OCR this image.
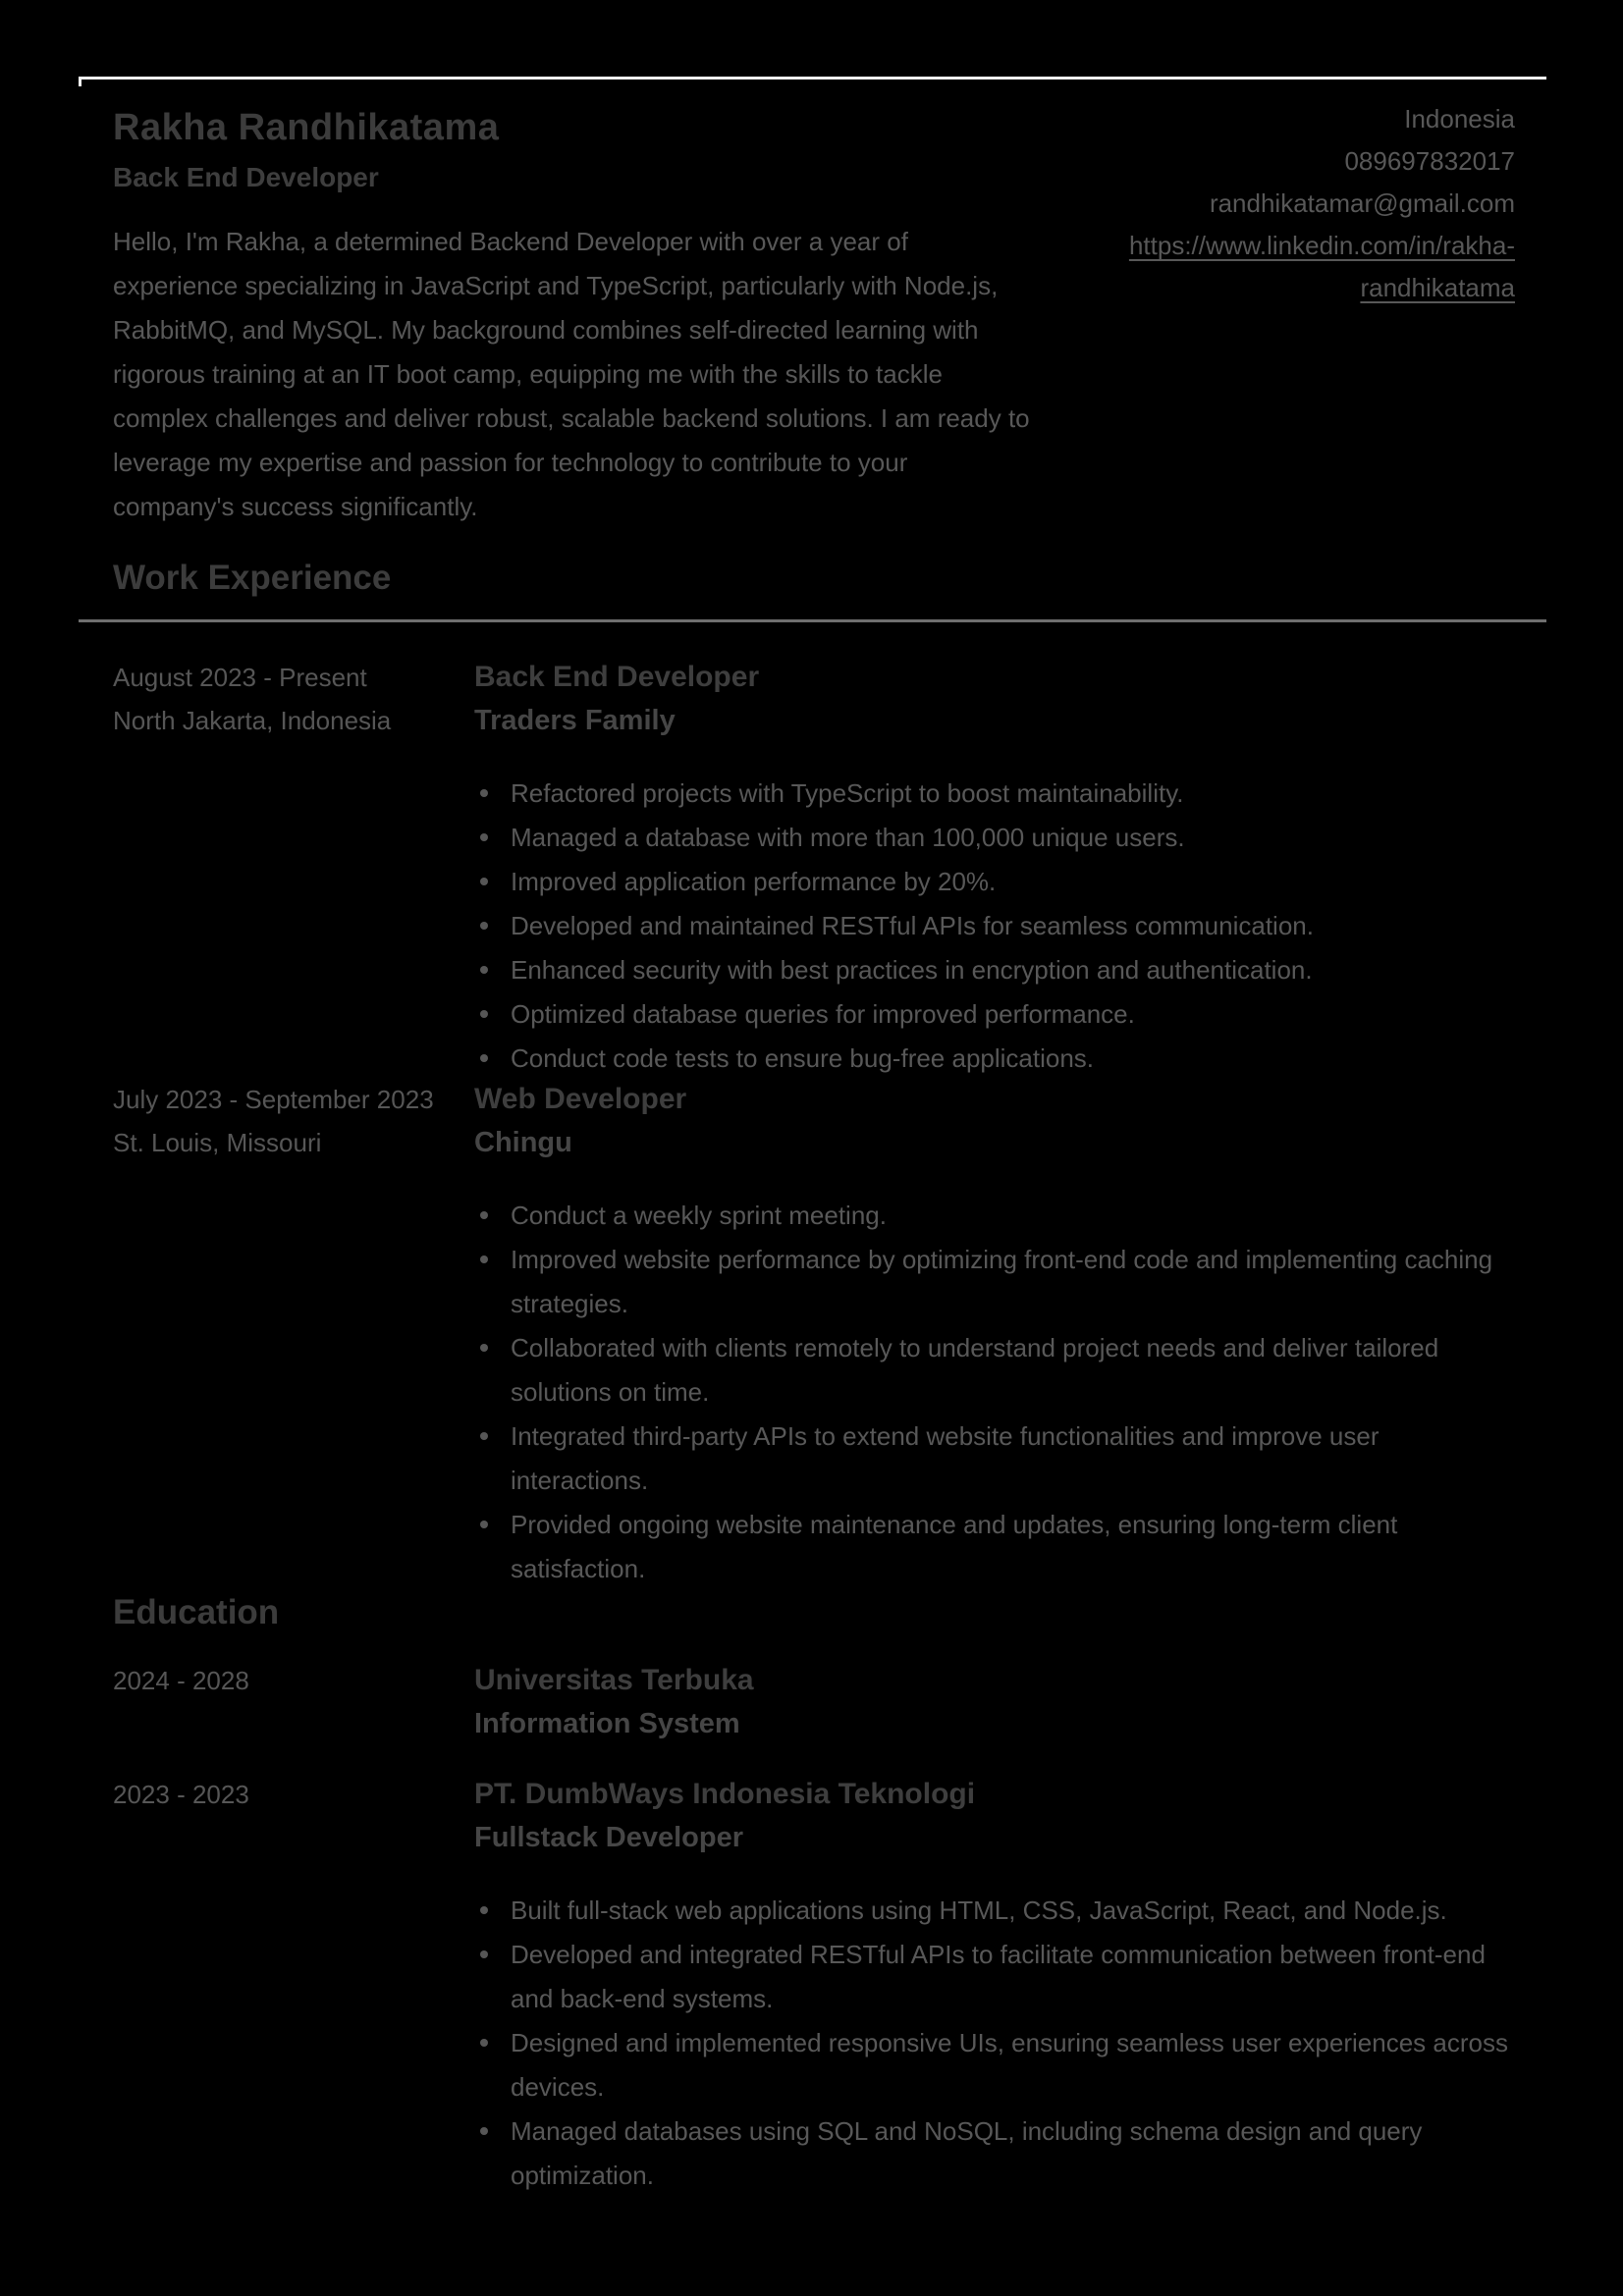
Rakha Randhikatama
Back End Developer
Hello, I'm Rakha, a determined Backend Developer with over a year of
experience specializing in JavaScript and TypeScript, particularly with Node.js,
RabbitMQ, and MySQL. My background combines self-directed learning with
rigorous training at an IT boot camp, equipping me with the skills to tackle
complex challenges and deliver robust, scalable backend solutions. I am ready to
leverage my expertise and passion for technology to contribute to your
company's success significantly.
Indonesia
089697832017
randhikatamar@gmail.com
https://www.linkedin.com/in/rakha-
randhikatama
Work Experience
August 2023 - Present
North Jakarta, Indonesia
Back End Developer
Traders Family
Refactored projects with TypeScript to boost maintainability.
Managed a database with more than 100,000 unique users.
Improved application performance by 20%.
Developed and maintained RESTful APIs for seamless communication.
Enhanced security with best practices in encryption and authentication.
Optimized database queries for improved performance.
Conduct code tests to ensure bug-free applications.
July 2023 - September 2023
St. Louis, Missouri
Web Developer
Chingu
Conduct a weekly sprint meeting.
Improved website performance by optimizing front-end code and implementing caching strategies.
Collaborated with clients remotely to understand project needs and deliver tailored solutions on time.
Integrated third-party APIs to extend website functionalities and improve user interactions.
Provided ongoing website maintenance and updates, ensuring long-term client satisfaction.
Education
2024 - 2028	Universitas Terbuka
Information System
2023 - 2023	PT. DumbWays Indonesia Teknologi
Fullstack Developer
Built full-stack web applications using HTML, CSS, JavaScript, React, and Node.js.
Developed and integrated RESTful APIs to facilitate communication between front-end and back-end systems.
Designed and implemented responsive UIs, ensuring seamless user experiences across devices.
Managed databases using SQL and NoSQL, including schema design and query optimization.
